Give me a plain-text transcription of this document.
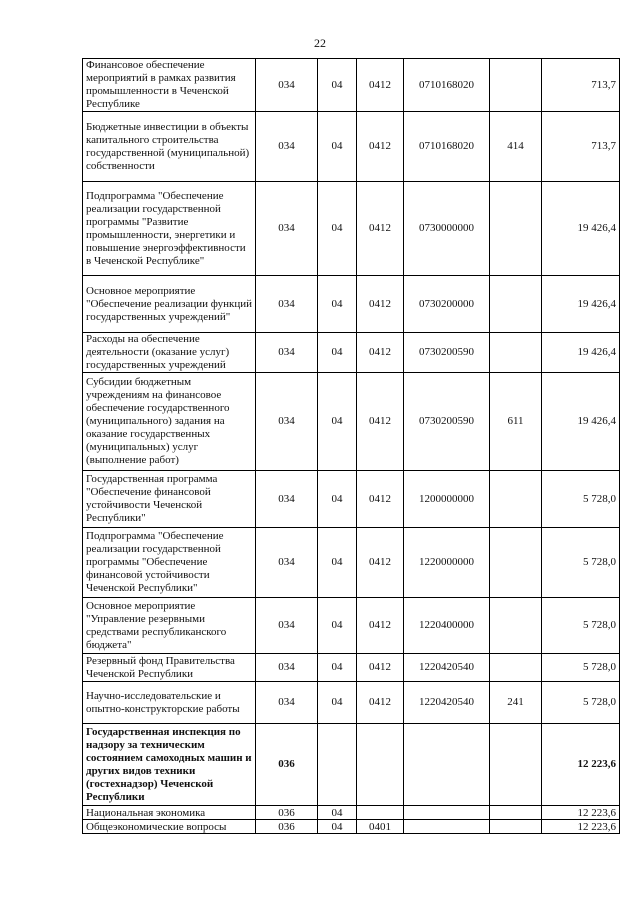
22
Финансовое обеспечение мероприятий в рамках развития промышленности в Чеченской Республике	034	04	0412	0710168020		713,7
Бюджетные инвестиции в объекты капитального строительства государственной (муниципальной) собственности	034	04	0412	0710168020	414	713,7
Подпрограмма "Обеспечение реализации государственной программы "Развитие промышленности, энергетики и повышение энергоэффективности в Чеченской Республике"	034	04	0412	0730000000		19 426,4
Основное мероприятие "Обеспечение реализации функций государственных учреждений"	034	04	0412	0730200000		19 426,4
Расходы на обеспечение деятельности (оказание услуг) государственных учреждений	034	04	0412	0730200590		19 426,4
Субсидии бюджетным учреждениям на финансовое обеспечение государственного (муниципального) задания на оказание государственных (муниципальных) услуг (выполнение работ)	034	04	0412	0730200590	611	19 426,4
Государственная программа "Обеспечение финансовой устойчивости Чеченской Республики"	034	04	0412	1200000000		5 728,0
Подпрограмма "Обеспечение реализации государственной программы "Обеспечение финансовой устойчивости Чеченской Республики"	034	04	0412	1220000000		5 728,0
Основное мероприятие "Управление резервными средствами республиканского бюджета"	034	04	0412	1220400000		5 728,0
Резервный фонд Правительства Чеченской Республики	034	04	0412	1220420540		5 728,0
Научно-исследовательские и опытно-конструкторские работы	034	04	0412	1220420540	241	5 728,0
Государственная инспекция по надзору за техническим состоянием самоходных машин и других видов техники (гостехнадзор) Чеченской Республики	036					12 223,6
Национальная экономика	036	04				12 223,6
Общеэкономические вопросы	036	04	0401			12 223,6
